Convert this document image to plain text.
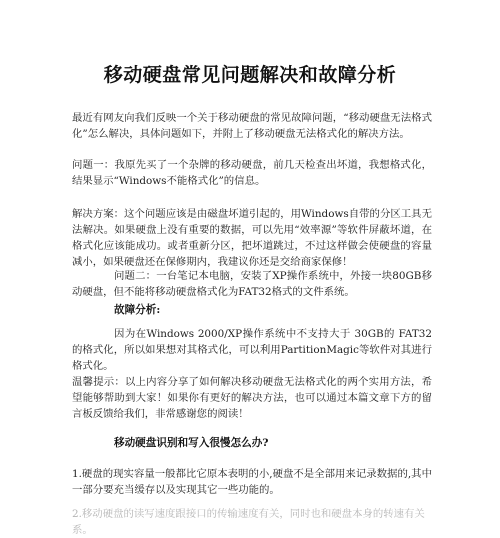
移动硬盘常见问题解决和故障分析
最近有网友向我们反映一个关于移动硬盘的常见故障问题，“移动硬盘无法格式化”怎么解决，具体问题如下，并附上了移动硬盘无法格式化的解决方法。
问题一：我原先买了一个杂牌的移动硬盘，前几天检查出坏道，我想格式化，结果显示“Windows不能格式化”的信息。
解决方案：这个问题应该是由磁盘坏道引起的，用Windows自带的分区工具无法解决。如果硬盘上没有重要的数据，可以先用“效率源”等软件屏蔽坏道，在格式化应该能成功。或者重新分区，把坏道跳过，不过这样做会使硬盘的容量减小，如果硬盘还在保修期内，我建议你还是交给商家保修！
问题二：一台笔记本电脑，安装了XP操作系统中，外接一块80GB移动硬盘，但不能将移动硬盘格式化为FAT32格式的文件系统。
故障分析:
因为在Windows 2000/XP操作系统中不支持大于 30GB的 FAT32的格式化，所以如果想对其格式化，可以利用PartitionMagic等软件对其进行格式化。
温馨提示：以上内容分享了如何解决移动硬盘无法格式化的两个实用方法，希望能够帮助到大家！如果你有更好的解决方法，也可以通过本篇文章下方的留言板反馈给我们，非常感谢您的阅读！
移动硬盘识别和写入很慢怎么办?
1.硬盘的现实容量一般都比它原本表明的小,硬盘不是全部用来记录数据的,其中一部分要充当缓存以及实现其它一些功能的。
2.移动硬盘的读写速度跟接口的传输速度有关，同时也和硬盘本身的转速有关系。
